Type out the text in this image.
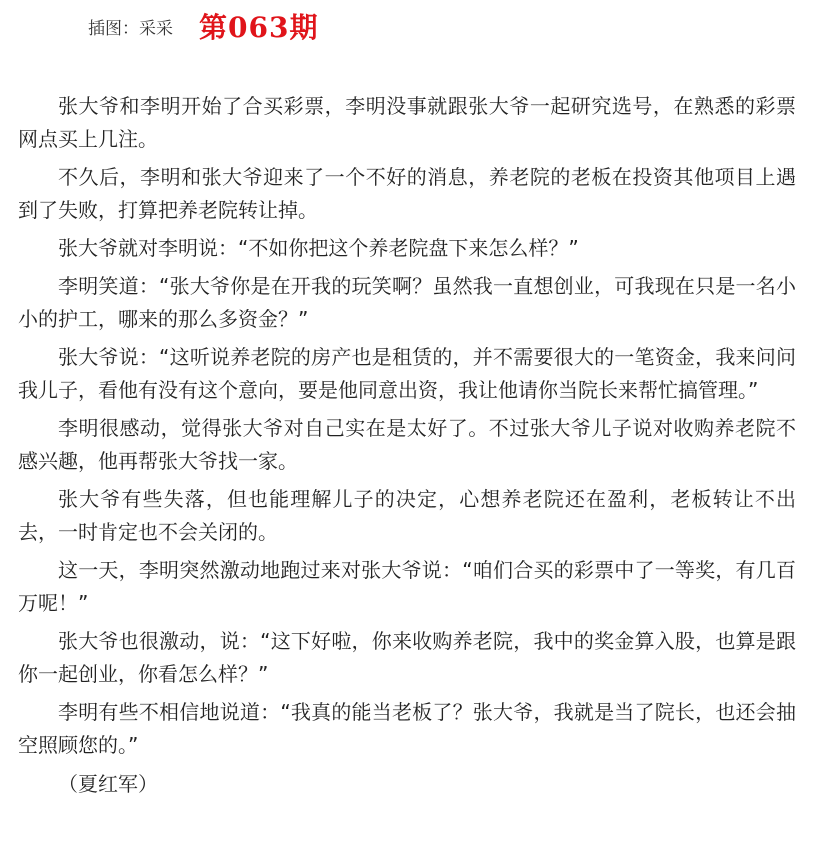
插图：采采 第063期

张大爷和李明开始了合买彩票，李明没事就跟张大爷一起研究选号，在熟悉的彩票网点买上几注。

不久后，李明和张大爷迎来了一个不好的消息，养老院的老板在投资其他项目上遇到了失败，打算把养老院转让掉。

张大爷就对李明说：“不如你把这个养老院盘下来怎么样？”

李明笑道：“张大爷你是在开我的玩笑啊？虽然我一直想创业，可我现在只是一名小小的护工，哪来的那么多资金？”

张大爷说：“这听说养老院的房产也是租赁的，并不需要很大的一笔资金，我来问问我儿子，看他有没有这个意向，要是他同意出资，我让他请你当院长来帮忙搞管理。”

李明很感动，觉得张大爷对自己实在是太好了。不过张大爷儿子说对收购养老院不感兴趣，他再帮张大爷找一家。

张大爷有些失落，但也能理解儿子的决定，心想养老院还在盈利，老板转让不出去，一时肯定也不会关闭的。

这一天，李明突然激动地跑过来对张大爷说：“咱们合买的彩票中了一等奖，有几百万呢！”

张大爷也很激动，说：“这下好啦，你来收购养老院，我中的奖金算入股，也算是跟你一起创业，你看怎么样？”

李明有些不相信地说道：“我真的能当老板了？张大爷，我就是当了院长，也还会抽空照顾您的。”

（夏红军）
